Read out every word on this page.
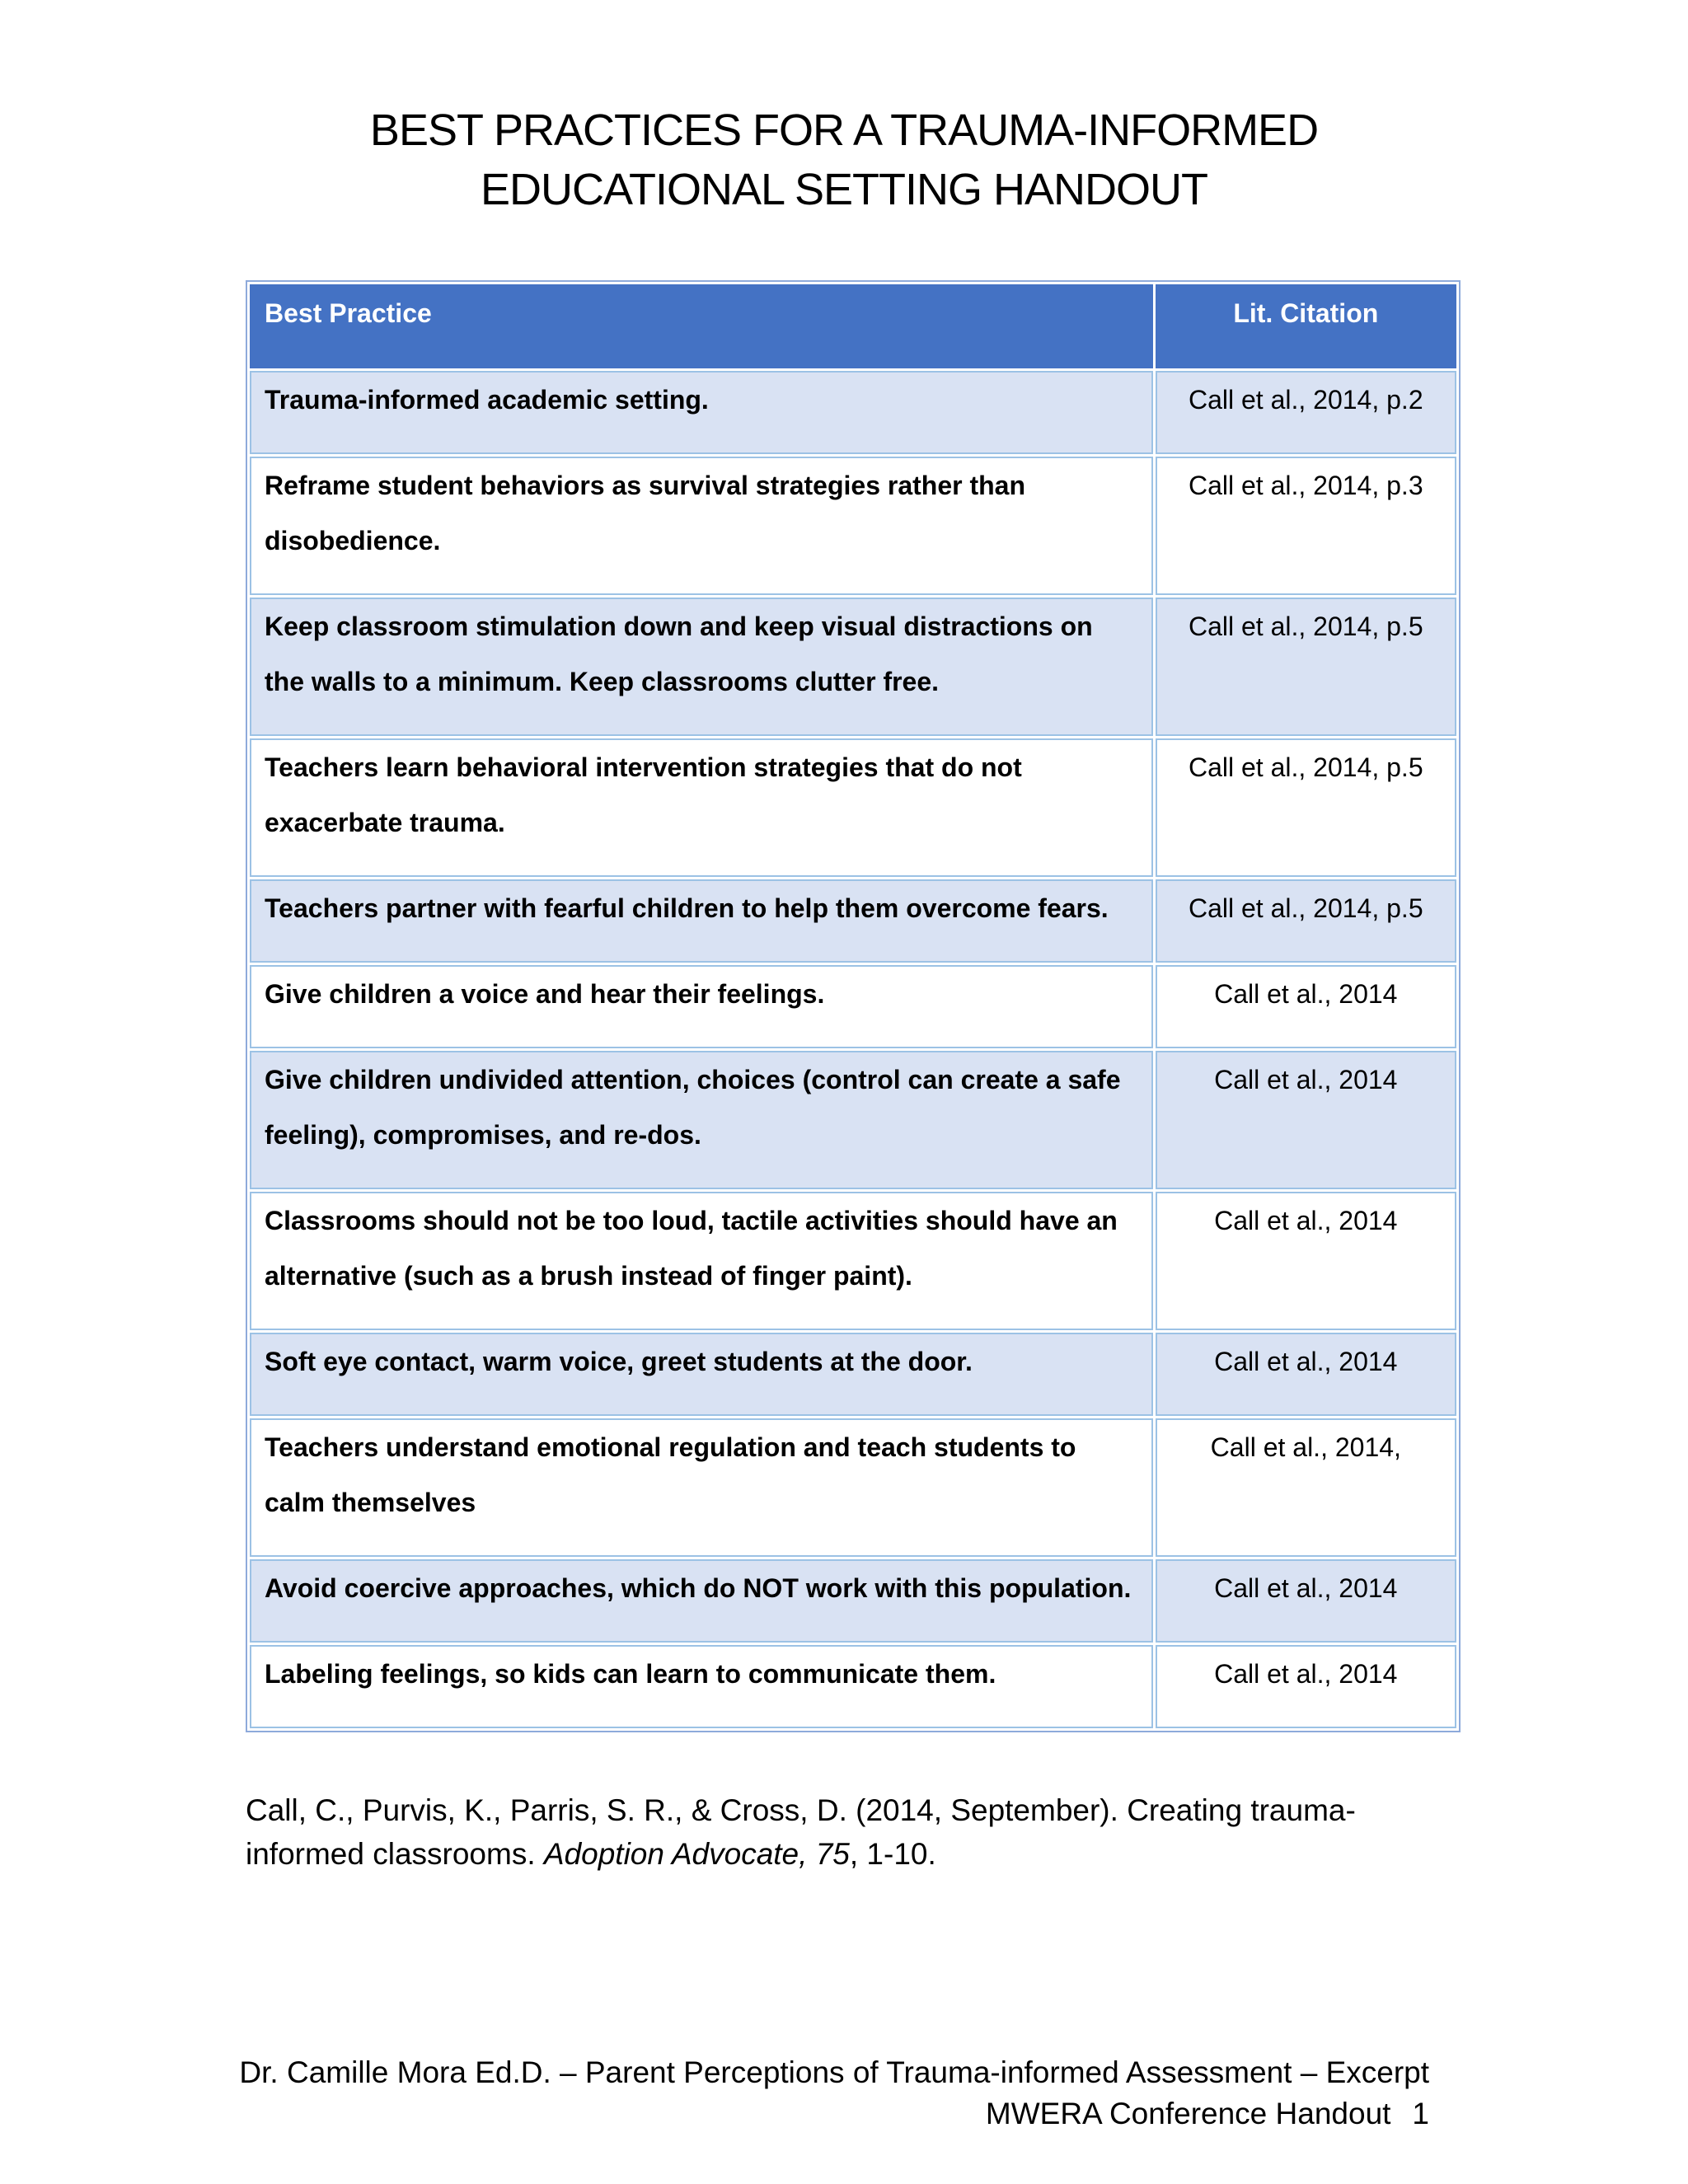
BEST PRACTICES FOR A TRAUMA-INFORMED
EDUCATIONAL SETTING HANDOUT
Best Practice	Lit. Citation
Trauma-informed academic setting.	Call et al., 2014, p.2
Reframe student behaviors as survival strategies rather than disobedience.	Call et al., 2014, p.3
Keep classroom stimulation down and keep visual distractions on the walls to a minimum. Keep classrooms clutter free.	Call et al., 2014, p.5
Teachers learn behavioral intervention strategies that do not exacerbate trauma.	Call et al., 2014, p.5
Teachers partner with fearful children to help them overcome fears.	Call et al., 2014, p.5
Give children a voice and hear their feelings.	Call et al., 2014
Give children undivided attention, choices (control can create a safe feeling), compromises, and re-dos.	Call et al., 2014
Classrooms should not be too loud, tactile activities should have an alternative (such as a brush instead of finger paint).	Call et al., 2014
Soft eye contact, warm voice, greet students at the door.	Call et al., 2014
Teachers understand emotional regulation and teach students to calm themselves	Call et al., 2014,
Avoid coercive approaches, which do NOT work with this population.	Call et al., 2014
Labeling feelings, so kids can learn to communicate them.	Call et al., 2014
Call, C., Purvis, K., Parris, S. R., & Cross, D. (2014, September). Creating trauma-informed classrooms. Adoption Advocate, 75, 1-10.
Dr. Camille Mora Ed.D. – Parent Perceptions of Trauma-informed Assessment – Excerpt
MWERA Conference Handout 1
